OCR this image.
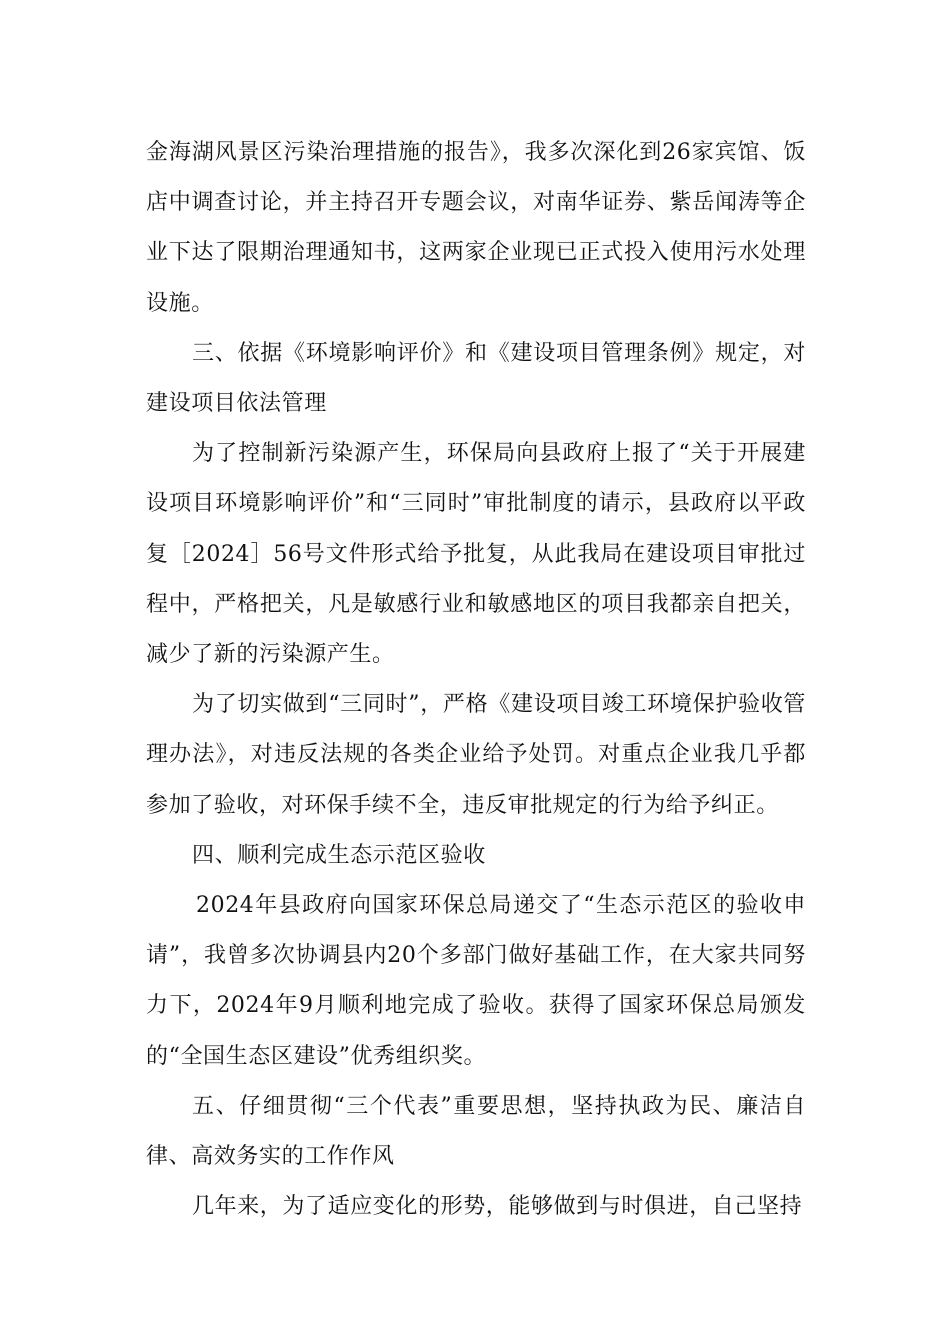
金海湖风景区污染治理措施的报告》，我多次深化到26家宾馆、饭店中调查讨论，并主持召开专题会议，对南华证券、紫岳闻涛等企业下达了限期治理通知书，这两家企业现已正式投入使用污水处理设施。

三、依据《环境影响评价》和《建设项目管理条例》规定，对建设项目依法管理

为了控制新污染源产生，环保局向县政府上报了“关于开展建设项目环境影响评价”和“三同时”审批制度的请示，县政府以平政复［2024］56号文件形式给予批复，从此我局在建设项目审批过程中，严格把关，凡是敏感行业和敏感地区的项目我都亲自把关，减少了新的污染源产生。

为了切实做到“三同时”，严格《建设项目竣工环境保护验收管理办法》，对违反法规的各类企业给予处罚。对重点企业我几乎都参加了验收，对环保手续不全，违反审批规定的行为给予纠正。

四、顺利完成生态示范区验收

2024年县政府向国家环保总局递交了“生态示范区的验收申请”，我曾多次协调县内20个多部门做好基础工作，在大家共同努力下，2024年9月顺利地完成了验收。获得了国家环保总局颁发的“全国生态区建设”优秀组织奖。

五、仔细贯彻“三个代表”重要思想，坚持执政为民、廉洁自律、高效务实的工作作风

几年来，为了适应变化的形势，能够做到与时俱进，自己坚持
